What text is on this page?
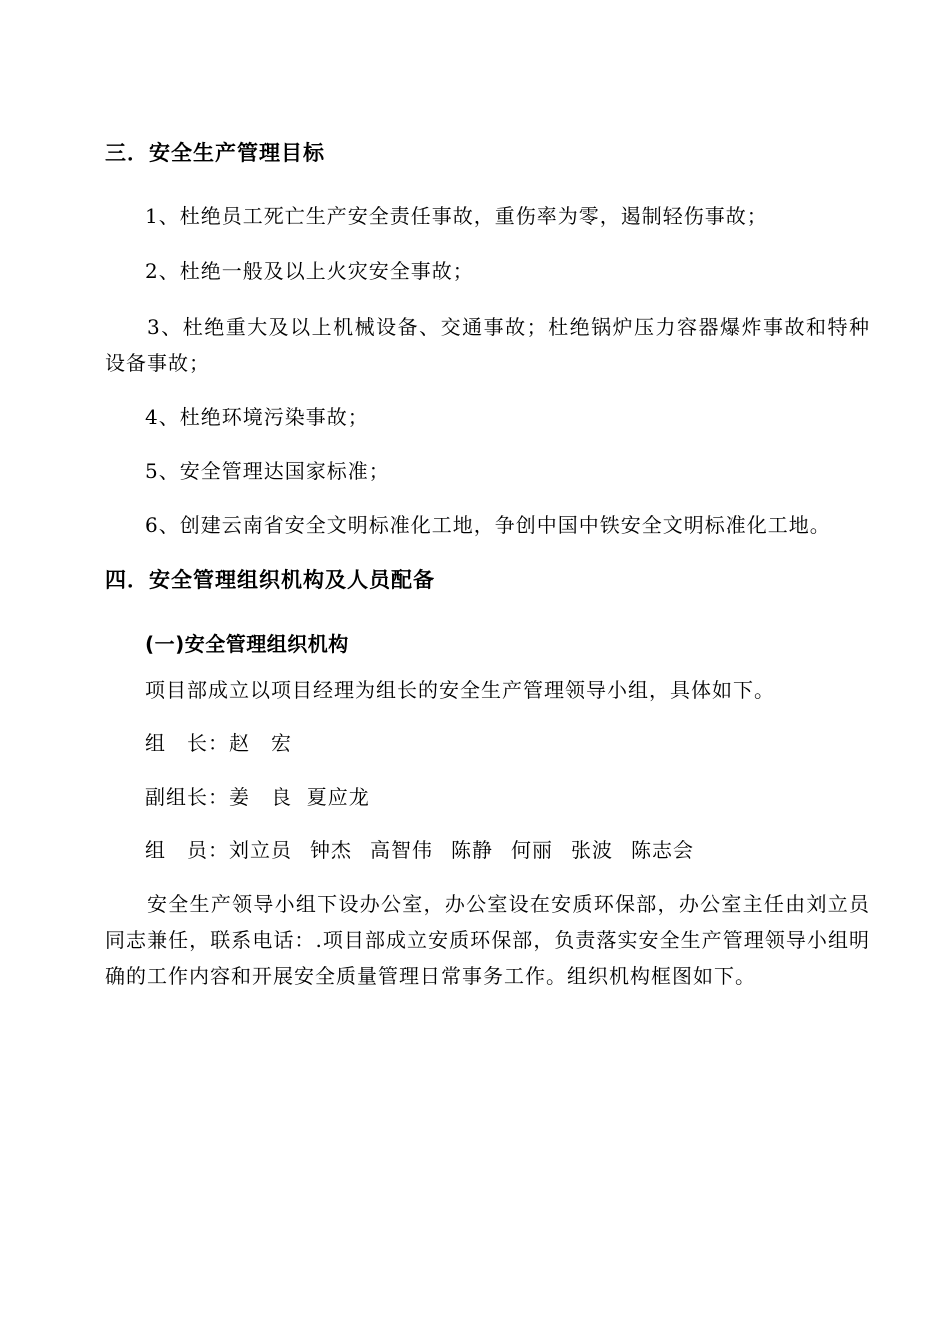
三．安全生产管理目标
1、杜绝员工死亡生产安全责任事故，重伤率为零，遏制轻伤事故；
2、杜绝一般及以上火灾安全事故；
3、杜绝重大及以上机械设备、交通事故；杜绝锅炉压力容器爆炸事故和特种设备事故；
4、杜绝环境污染事故；
5、安全管理达国家标准；
6、创建云南省安全文明标准化工地，争创中国中铁安全文明标准化工地。
四．安全管理组织机构及人员配备
(一)安全管理组织机构
项目部成立以项目经理为组长的安全生产管理领导小组，具体如下。
组　长：赵　宏
副组长：姜　良  夏应龙
组　员：刘立员 钟杰 高智伟 陈静 何丽 张波 陈志会
安全生产领导小组下设办公室，办公室设在安质环保部，办公室主任由刘立员同志兼任，联系电话：.项目部成立安质环保部，负责落实安全生产管理领导小组明确的工作内容和开展安全质量管理日常事务工作。组织机构框图如下。
